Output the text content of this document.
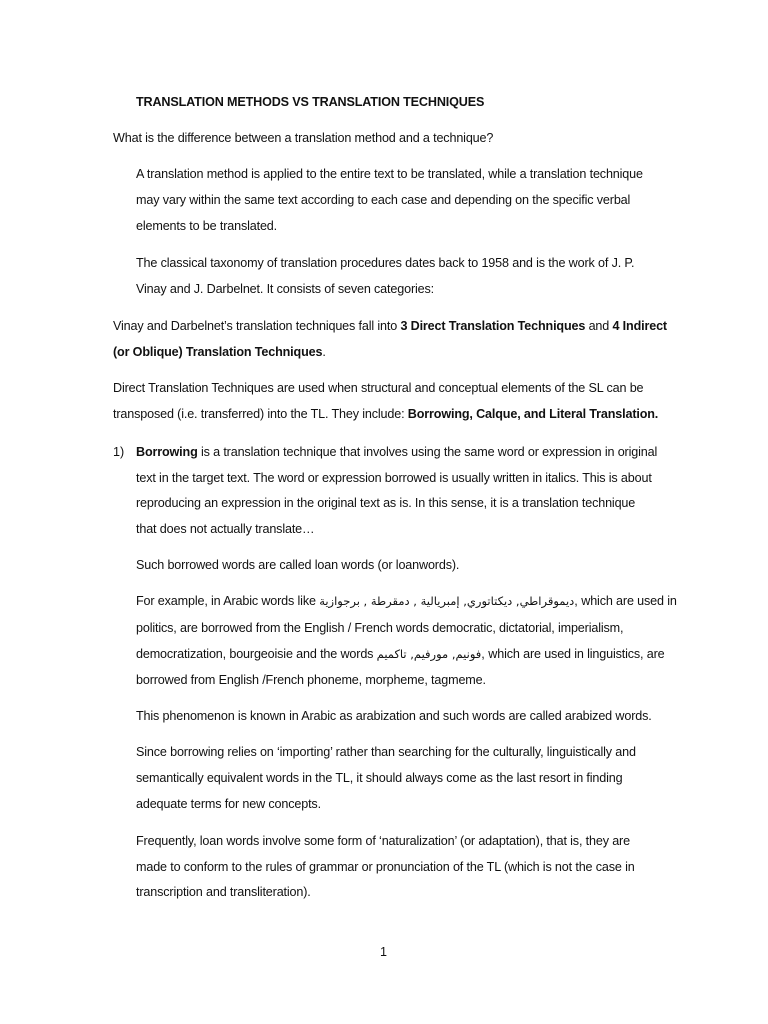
TRANSLATION METHODS VS TRANSLATION TECHNIQUES
What is the difference between a translation method and a technique?
A translation method is applied to the entire text to be translated, while a translation technique
may vary within the same text according to each case and depending on the specific verbal
elements to be translated.
The classical taxonomy of translation procedures dates back to 1958 and is the work of J. P.
Vinay and J. Darbelnet. It consists of seven categories:
Vinay and Darbelnet’s translation techniques fall into 3 Direct Translation Techniques and 4 Indirect
(or Oblique) Translation Techniques.
Direct Translation Techniques are used when structural and conceptual elements of the SL can be
transposed (i.e. transferred) into the TL. They include: Borrowing, Calque, and Literal Translation.
1) Borrowing is a translation technique that involves using the same word or expression in original
text in the target text. The word or expression borrowed is usually written in italics. This is about
reproducing an expression in the original text as is. In this sense, it is a translation technique
that does not actually translate…
Such borrowed words are called loan words (or loanwords).
For example, in Arabic words like ديموقراطي, ديكتاتوري, إمبريالية , دمقرطة , برجوازية, which are used in
politics, are borrowed from the English / French words democratic, dictatorial, imperialism,
democratization, bourgeoisie and the words فونيم, مورفيم, تاكميم, which are used in linguistics, are
borrowed from English /French phoneme, morpheme, tagmeme.
This phenomenon is known in Arabic as arabization and such words are called arabized words.
Since borrowing relies on ‘importing’ rather than searching for the culturally, linguistically and
semantically equivalent words in the TL, it should always come as the last resort in finding
adequate terms for new concepts.
Frequently, loan words involve some form of ‘naturalization’ (or adaptation), that is, they are
made to conform to the rules of grammar or pronunciation of the TL (which is not the case in
transcription and transliteration).
1
